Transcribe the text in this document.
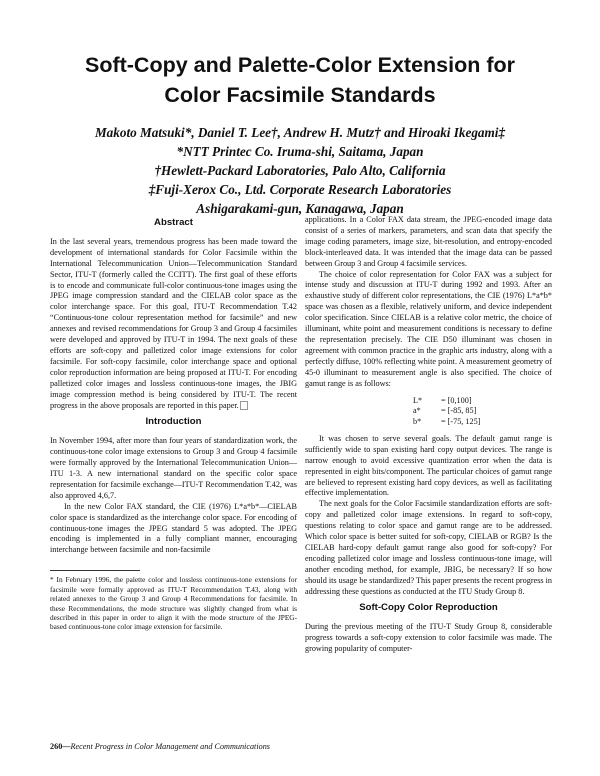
Soft-Copy and Palette-Color Extension for
Color Facsimile Standards
Makoto Matsuki*, Daniel T. Lee†, Andrew H. Mutz† and Hiroaki Ikegami‡
*NTT Printec Co. Iruma-shi, Saitama, Japan
†Hewlett-Packard Laboratories, Palo Alto, California
‡Fuji-Xerox Co., Ltd. Corporate Research Laboratories
Ashigarakami-gun, Kanagawa, Japan
Abstract

In the last several years, tremendous progress has been made toward the development of international standards for Color Facsimile within the International Telecommunication Union—Telecommunication Standard Sector, ITU-T (formerly called the CCITT). The first goal of these efforts is to encode and communicate full-color continuous-tone images using the JPEG image compression standard and the CIELAB color space as the color interchange space. For this goal, ITU-T Recommendation T.42 “Continuous-tone colour representation method for facsimile” and new annexes and revised recommendations for Group 3 and Group 4 facsimiles were developed and approved by ITU-T in 1994. The next goals of these efforts are soft-copy and palletized color image extensions for color facsimile. For soft-copy facsimile, color interchange space and optional color reproduction information are being proposed at ITU-T. For encoding palletized color images and lossless continuous-tone images, the JBIG image compression method is being considered by ITU-T. The recent progress in the above proposals are reported in this paper.

Introduction

In November 1994, after more than four years of standardization work, the continuous-tone color image extensions to Group 3 and Group 4 facsimile were formally approved by the International Telecommunication Union—ITU 1-3. A new international standard on the specific color space representation for facsimile exchange—ITU-T Recommendation T.42, was also approved 4,6,7.

In the new Color FAX standard, the CIE (1976) L*a*b*—CIELAB color space is standardized as the interchange color space. For encoding of continuous-tone images the JPEG standard 5 was adopted. The JPEG encoding is implemented in a fully compliant manner, encouraging interchange between facsimile and non-facsimile

* In February 1996, the palette color and lossless continuous-tone extensions for facsimile were formally approved as ITU-T Recommendation T.43, along with related annexes to the Group 3 and Group 4 Recommendations for facsimile. In these Recommendations, the mode structure was slightly changed from what is described in this paper in order to align it with the mode structure of the JPEG-based continuous-tone color image extension for facsimile.

applications. In a Color FAX data stream, the JPEG-encoded image data consist of a series of markers, parameters, and scan data that specify the image coding parameters, image size, bit-resolution, and entropy-encoded block-interleaved data. It was intended that the image data can be passed between Group 3 and Group 4 facsimile services.

The choice of color representation for Color FAX was a subject for intense study and discussion at ITU-T during 1992 and 1993. After an exhaustive study of different color representations, the CIE (1976) L*a*b* space was chosen as a flexible, relatively uniform, and device independent color specification. Since CIELAB is a relative color metric, the choice of illuminant, white point and measurement conditions is necessary to define the representation precisely. The CIE D50 illuminant was chosen in agreement with common practice in the graphic arts industry, along with a perfectly diffuse, 100% reflecting white point. A measurement geometry of 45-0 illuminant to measurement angle is also specified. The choice of gamut range is as follows:

L* = [0,100]
a* = [-85, 85]
b* = [-75, 125]

It was chosen to serve several goals. The default gamut range is sufficiently wide to span existing hard copy output devices. The range is narrow enough to avoid excessive quantization error when the data is represented in eight bits/component. The particular choices of gamut range are believed to represent existing hard copy devices, as well as facilitating effective implementation.

The next goals for the Color Facsimile standardization efforts are soft-copy and palletized color image extensions. In regard to soft-copy, questions relating to color space and gamut range are to be addressed. Which color space is better suited for soft-copy, CIELAB or RGB? Is the CIELAB hard-copy default gamut range also good for soft-copy? For encoding palletized color image and lossless continuous-tone image, will another encoding method, for example, JBIG, be necessary? If so how should its usage be standardized? This paper presents the recent progress in addressing these questions as conducted at the ITU Study Group 8.

Soft-Copy Color Reproduction

During the previous meeting of the ITU-T Study Group 8, considerable progress towards a soft-copy extension to color facsimile was made. The growing popularity of computer-

260—Recent Progress in Color Management and Communications
